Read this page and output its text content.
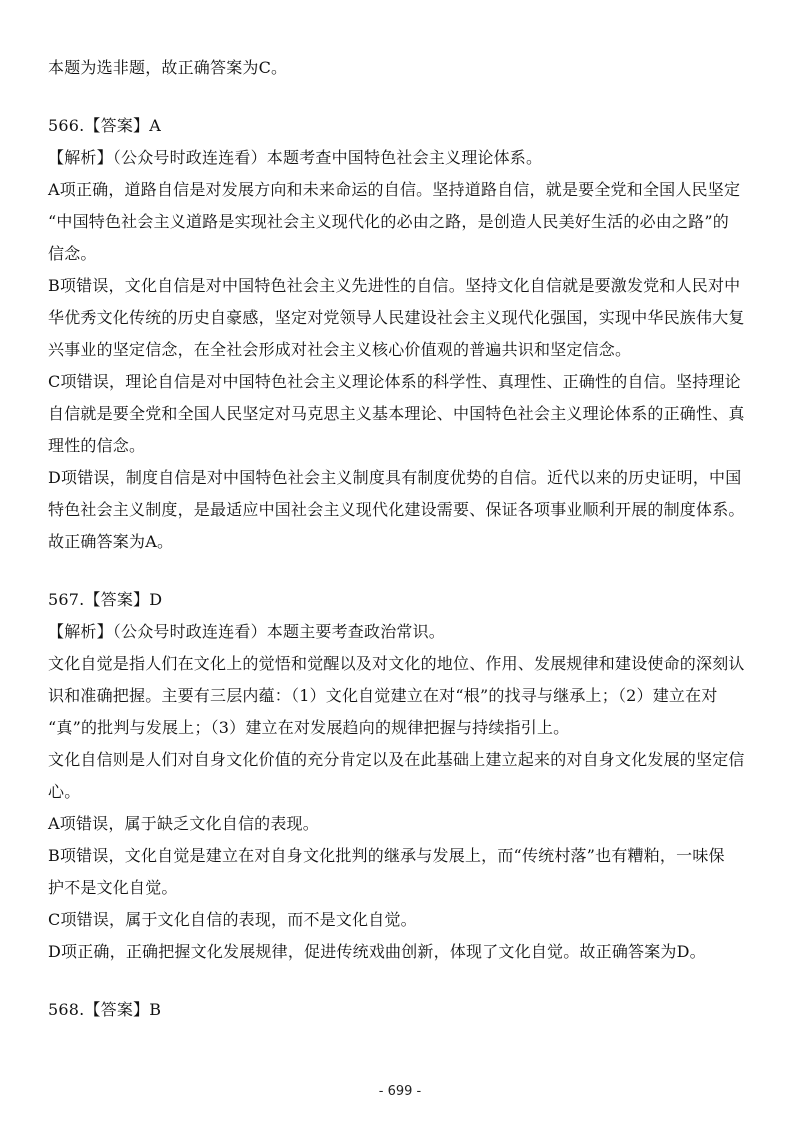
本题为选非题，故正确答案为C。
566.【答案】A
【解析】（公众号时政连连看）本题考查中国特色社会主义理论体系。
A项正确，道路自信是对发展方向和未来命运的自信。坚持道路自信，就是要全党和全国人民坚定
“中国特色社会主义道路是实现社会主义现代化的必由之路，是创造人民美好生活的必由之路”的
信念。
B项错误，文化自信是对中国特色社会主义先进性的自信。坚持文化自信就是要激发党和人民对中
华优秀文化传统的历史自豪感，坚定对党领导人民建设社会主义现代化强国，实现中华民族伟大复
兴事业的坚定信念，在全社会形成对社会主义核心价值观的普遍共识和坚定信念。
C项错误，理论自信是对中国特色社会主义理论体系的科学性、真理性、正确性的自信。坚持理论
自信就是要全党和全国人民坚定对马克思主义基本理论、中国特色社会主义理论体系的正确性、真
理性的信念。
D项错误，制度自信是对中国特色社会主义制度具有制度优势的自信。近代以来的历史证明，中国
特色社会主义制度，是最适应中国社会主义现代化建设需要、保证各项事业顺利开展的制度体系。
故正确答案为A。
567.【答案】D
【解析】（公众号时政连连看）本题主要考查政治常识。
文化自觉是指人们在文化上的觉悟和觉醒以及对文化的地位、作用、发展规律和建设使命的深刻认
识和准确把握。主要有三层内蕴：（1）文化自觉建立在对“根”的找寻与继承上；（2）建立在对
“真”的批判与发展上；（3）建立在对发展趋向的规律把握与持续指引上。
文化自信则是人们对自身文化价值的充分肯定以及在此基础上建立起来的对自身文化发展的坚定信
心。
A项错误，属于缺乏文化自信的表现。
B项错误，文化自觉是建立在对自身文化批判的继承与发展上，而“传统村落”也有糟粕，一味保
护不是文化自觉。
C项错误，属于文化自信的表现，而不是文化自觉。
D项正确，正确把握文化发展规律，促进传统戏曲创新，体现了文化自觉。故正确答案为D。
568.【答案】B
- 699 -
